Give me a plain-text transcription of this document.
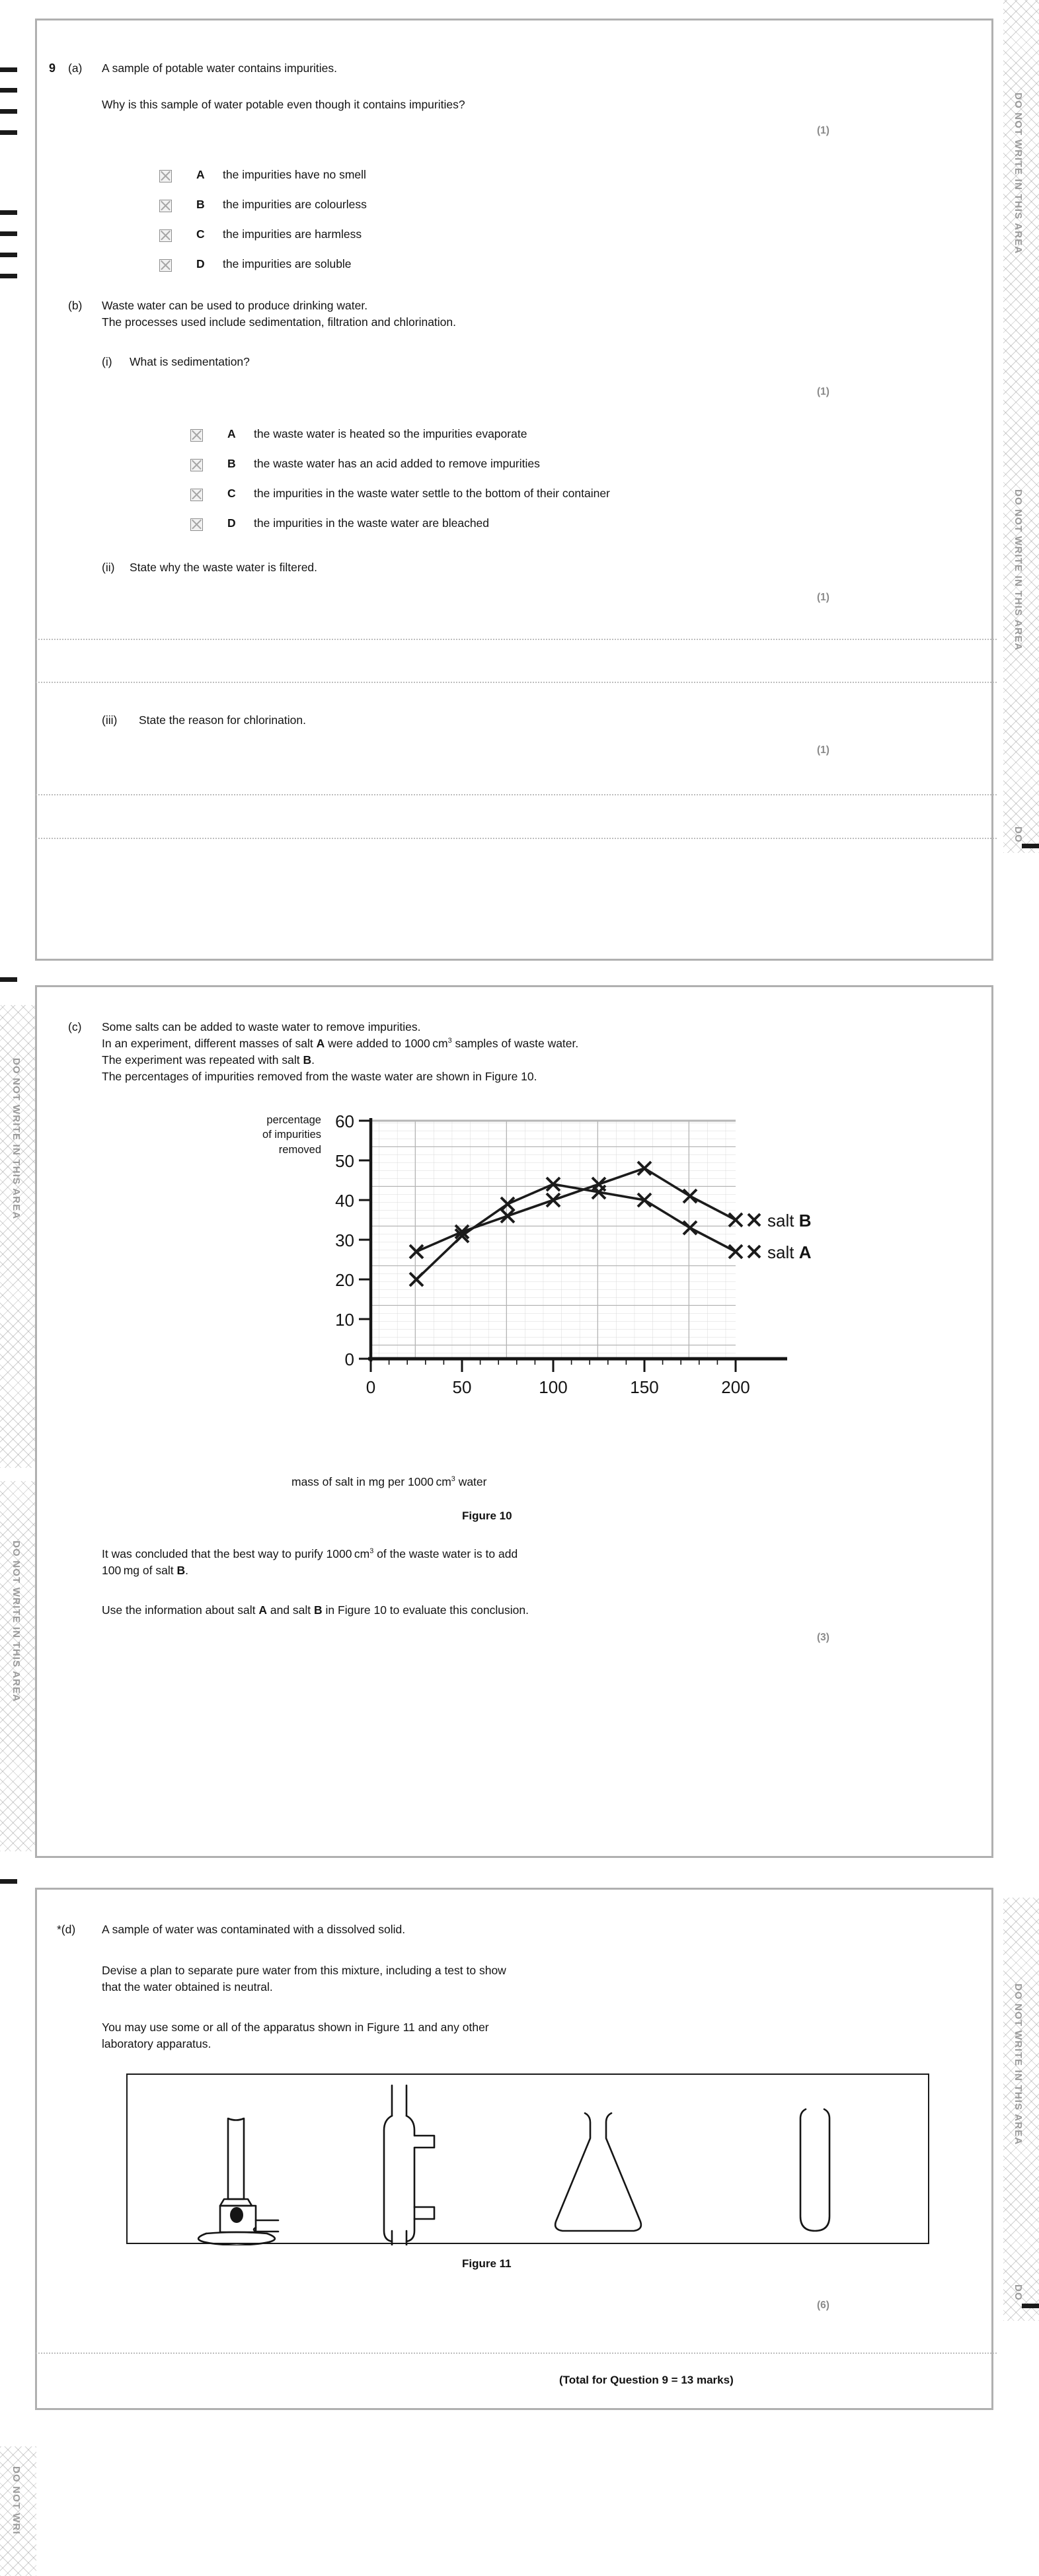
DO NOT WRITE IN THIS AREA
DO NOT WRITE IN THIS AREA
DO NOT WRI
DO NOT WRITE IN THIS AREA
DO NOT WRITE IN THIS AREA
DO
DO NOT WRITE IN THIS AREA
DO
9 (a) A sample of potable water contains impurities.
Why is this sample of water potable even though it contains impurities?
(1)
A the impurities have no smell
B the impurities are colourless
C the impurities are harmless
D the impurities are soluble
(b) Waste water can be used to produce drinking water.
The processes used include sedimentation, filtration and chlorination.
(i) What is sedimentation?
(1)
A the waste water is heated so the impurities evaporate
B the waste water has an acid added to remove impurities
C the impurities in the waste water settle to the bottom of their container
D the impurities in the waste water are bleached
(ii) State why the waste water is filtered.
(1)
(iii) State the reason for chlorination.
(1)
(c) Some salts can be added to waste water to remove impurities.
In an experiment, different masses of salt A were added to 1000 $cm^3$ samples of waste water.
The experiment was repeated with salt B.
The percentages of impurities removed from the waste water are shown in Figure 10.
percentage
of impurities
removed
0
10
20
30
40
50
60
0	50	100	150	200
salt A
salt B
mass of salt in mg per 1000 $cm^3$ water
Figure 10
It was concluded that the best way to purify 1000 $cm^3$ of the waste water is to add
100 mg of salt B.
Use the information about salt A and salt B in Figure 10 to evaluate this conclusion.
(3)
*(d) A sample of water was contaminated with a dissolved solid.
Devise a plan to separate pure water from this mixture, including a test to show
that the water obtained is neutral.
You may use some or all of the apparatus shown in Figure 11 and any other
laboratory apparatus.
Figure 11
(6)
(Total for Question 9 = 13 marks)
